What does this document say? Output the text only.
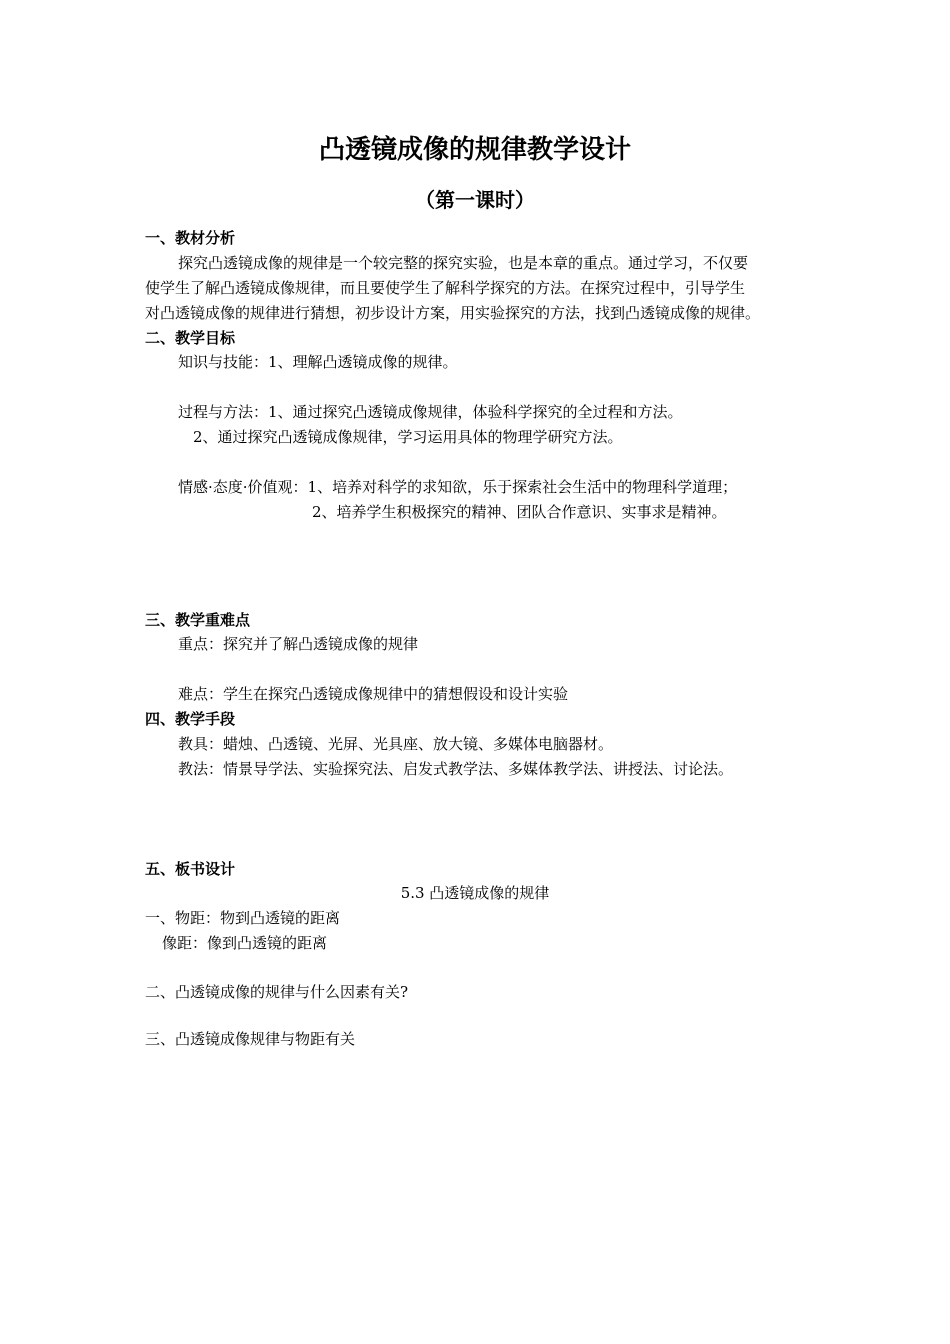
凸透镜成像的规律教学设计
（第一课时）
一、教材分析
探究凸透镜成像的规律是一个较完整的探究实验，也是本章的重点。通过学习，不仅要
使学生了解凸透镜成像规律，而且要使学生了解科学探究的方法。在探究过程中，引导学生
对凸透镜成像的规律进行猜想，初步设计方案，用实验探究的方法，找到凸透镜成像的规律。
二、教学目标
知识与技能：1、理解凸透镜成像的规律。
过程与方法：1、通过探究凸透镜成像规律，体验科学探究的全过程和方法。
2、通过探究凸透镜成像规律，学习运用具体的物理学研究方法。
情感·态度·价值观：1、培养对科学的求知欲，乐于探索社会生活中的物理科学道理；
2、培养学生积极探究的精神、团队合作意识、实事求是精神。
三、教学重难点
重点：探究并了解凸透镜成像的规律
难点：学生在探究凸透镜成像规律中的猜想假设和设计实验
四、教学手段
教具：蜡烛、凸透镜、光屏、光具座、放大镜、多媒体电脑器材。
教法：情景导学法、实验探究法、启发式教学法、多媒体教学法、讲授法、讨论法。
五、板书设计
5.3 凸透镜成像的规律
一、物距：物到凸透镜的距离
像距：像到凸透镜的距离
二、凸透镜成像的规律与什么因素有关?
三、凸透镜成像规律与物距有关
